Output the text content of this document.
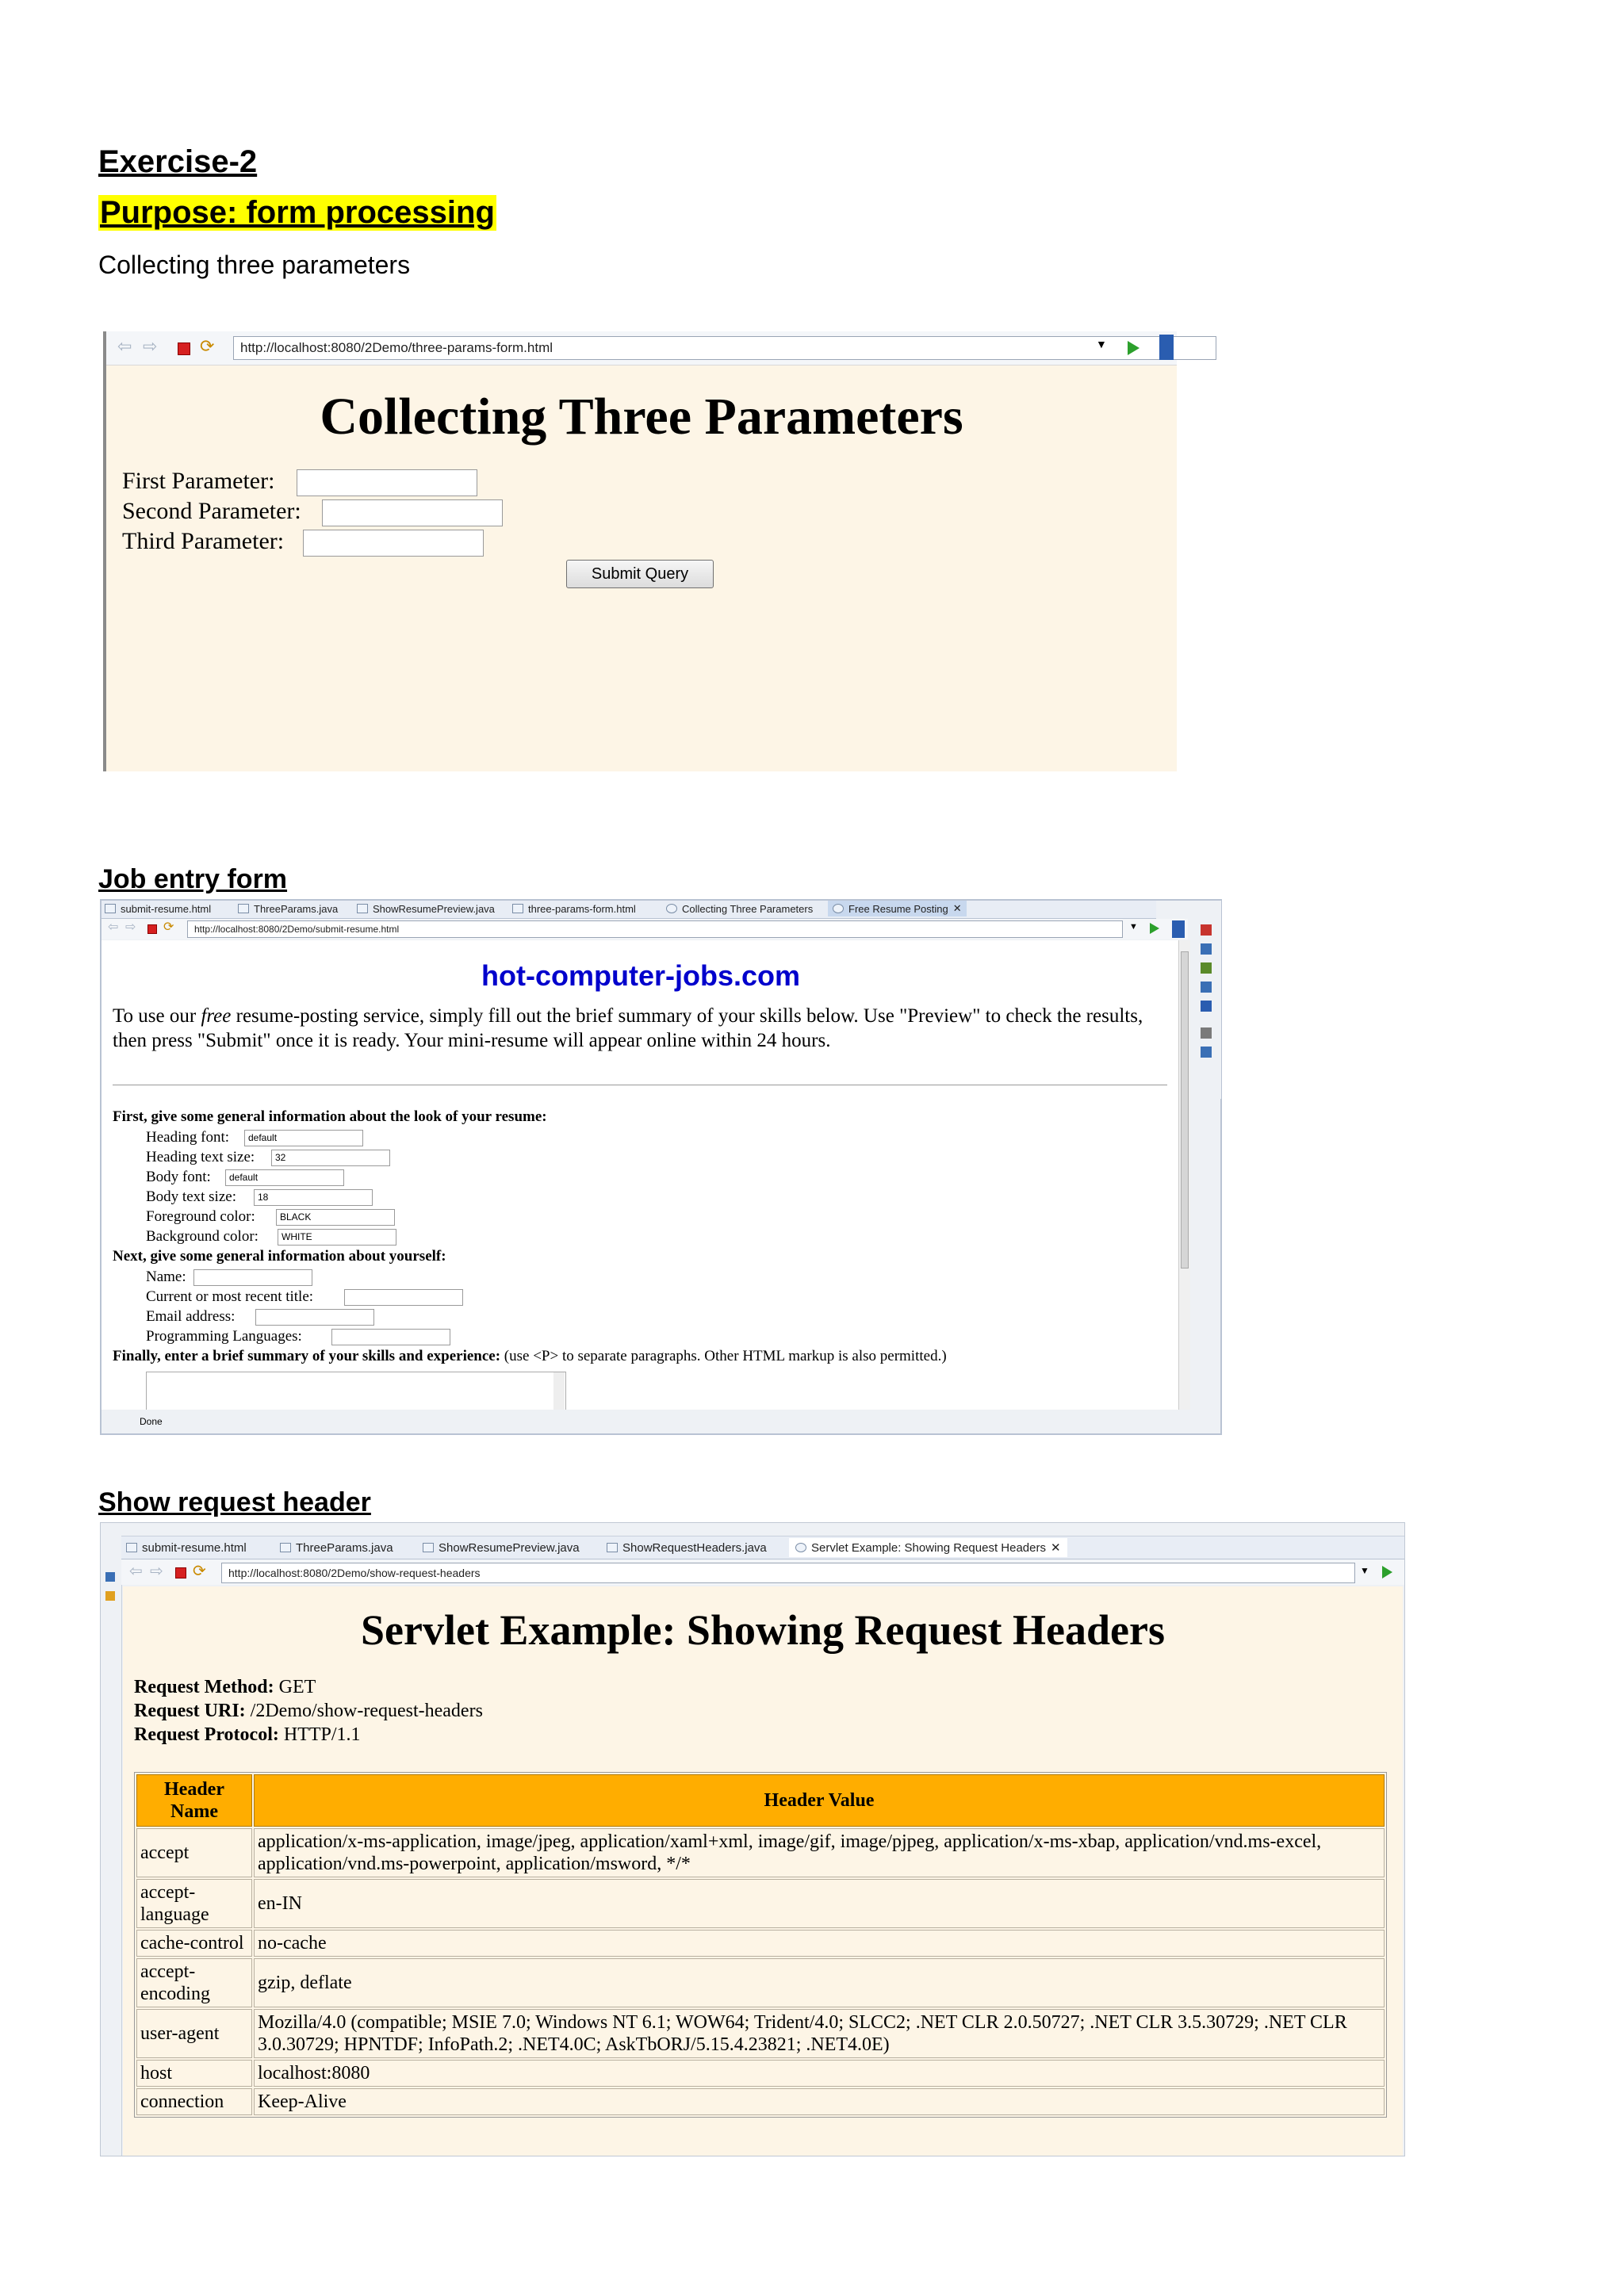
Exercise-2
Purpose: form processing
Collecting three parameters
⇦ ⇨ ⟳ http://localhost:8080/2Demo/three-params-form.html	▼
Collecting Three Parameters
First Parameter:
Second Parameter:
Third Parameter:
Submit Query
Job entry form
submit-resume.html	ThreeParams.java	ShowResumePreview.java	three-params-form.html	Collecting Three Parameters	Free Resume Posting ✕
⇦ ⇨ ⟳ http://localhost:8080/2Demo/submit-resume.html	▼
hot-computer-jobs.com
To use our free resume-posting service, simply fill out the brief summary of your skills below. Use "Preview" to check the results, then press "Submit" once it is ready. Your mini-resume will appear online within 24 hours.
First, give some general information about the look of your resume:
Heading font:	default
Heading text size:	32
Body font:	default
Body text size:	18
Foreground color:	BLACK
Background color:	WHITE
Next, give some general information about yourself:
Name:
Current or most recent title:
Email address:
Programming Languages:
Finally, enter a brief summary of your skills and experience: (use <P> to separate paragraphs. Other HTML markup is also permitted.)
Done
Show request header
submit-resume.html	ThreeParams.java	ShowResumePreview.java	ShowRequestHeaders.java	Servlet Example: Showing Request Headers ✕
⇦ ⇨ ⟳ http://localhost:8080/2Demo/show-request-headers	▼
Servlet Example: Showing Request Headers
Request Method: GET
Request URI: /2Demo/show-request-headers
Request Protocol: HTTP/1.1
Header Name	Header Value
accept	application/x-ms-application, image/jpeg, application/xaml+xml, image/gif, image/pjpeg, application/x-ms-xbap, application/vnd.ms-excel, application/vnd.ms-powerpoint, application/msword, */*
accept-language	en-IN
cache-control	no-cache
accept-encoding	gzip, deflate
user-agent	Mozilla/4.0 (compatible; MSIE 7.0; Windows NT 6.1; WOW64; Trident/4.0; SLCC2; .NET CLR 2.0.50727; .NET CLR 3.5.30729; .NET CLR 3.0.30729; HPNTDF; InfoPath.2; .NET4.0C; AskTbORJ/5.15.4.23821; .NET4.0E)
host	localhost:8080
connection	Keep-Alive
